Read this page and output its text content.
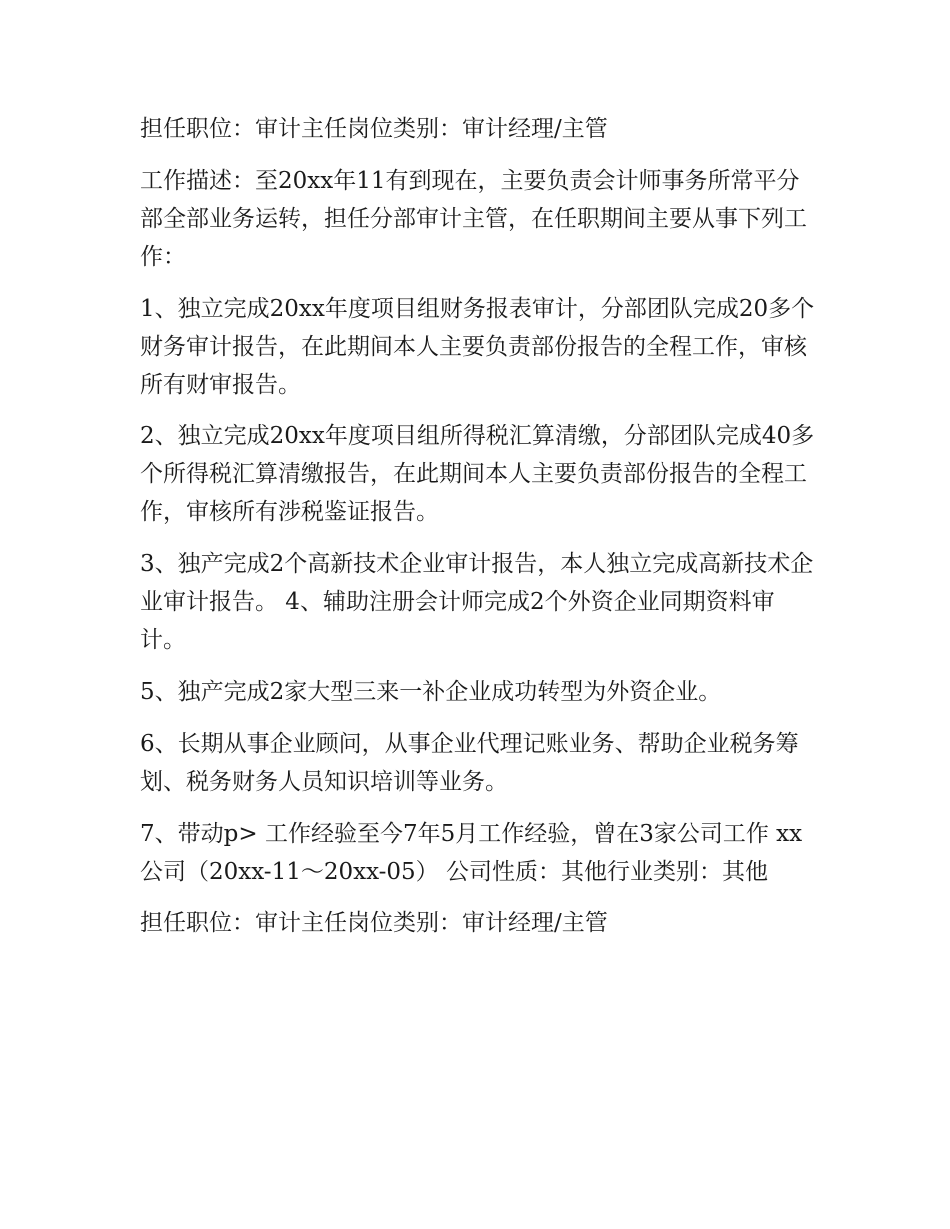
担任职位：审计主任岗位类别：审计经理/主管

工作描述：至20xx年11有到现在，主要负责会计师事务所常平分部全部业务运转，担任分部审计主管，在任职期间主要从事下列工作：

1、独立完成20xx年度项目组财务报表审计，分部团队完成20多个财务审计报告，在此期间本人主要负责部份报告的全程工作，审核所有财审报告。

2、独立完成20xx年度项目组所得税汇算清缴，分部团队完成40多个所得税汇算清缴报告，在此期间本人主要负责部份报告的全程工作，审核所有涉税鉴证报告。

3、独产完成2个高新技术企业审计报告，本人独立完成高新技术企业审计报告。 4、辅助注册会计师完成2个外资企业同期资料审计。

5、独产完成2家大型三来一补企业成功转型为外资企业。

6、长期从事企业顾问，从事企业代理记账业务、帮助企业税务筹划、税务财务人员知识培训等业务。

7、带动p> 工作经验至今7年5月工作经验，曾在3家公司工作 xx公司（20xx-11～20xx-05） 公司性质：其他行业类别：其他

担任职位：审计主任岗位类别：审计经理/主管
